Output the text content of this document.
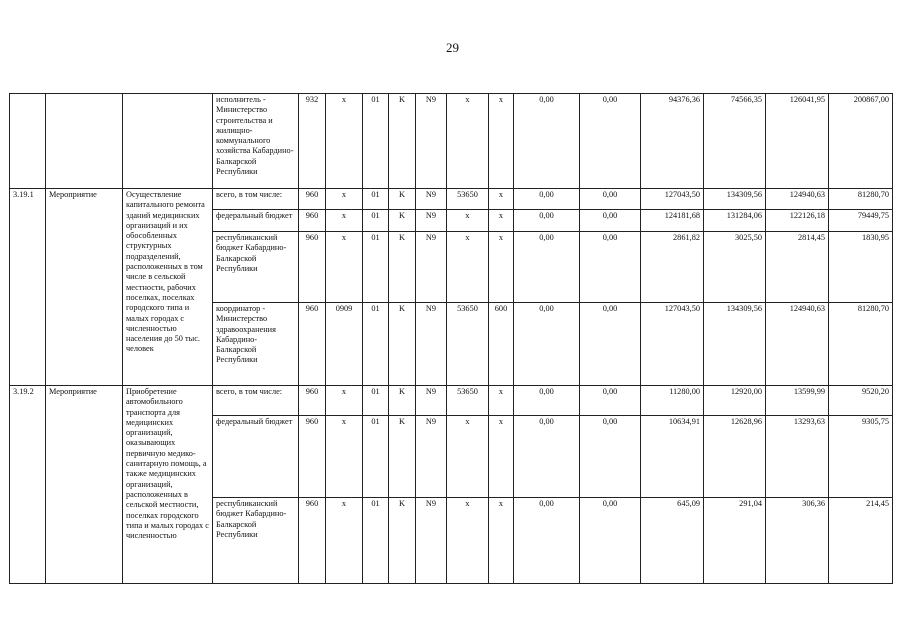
29
			исполнитель - Министерство строительства и жилищно-коммунального хозяйства Кабардино-Балкарской Республики	932	x	01	K	N9	x	x	0,00	0,00	94376,36	74566,35	126041,95	200867,00
3.19.1	Мероприятие	Осуществление капитального ремонта зданий медицинских организаций и их обособленных структурных подразделений, расположенных в том числе в сельской местности, рабочих поселках, поселках городского типа и малых городах с численностью населения до 50 тыс. человек	всего, в том числе:	960	x	01	K	N9	53650	x	0,00	0,00	127043,50	134309,56	124940,63	81280,70
			федеральный бюджет	960	x	01	K	N9	x	x	0,00	0,00	124181,68	131284,06	122126,18	79449,75
			республиканский бюджет Кабардино-Балкарской Республики	960	x	01	K	N9	x	x	0,00	0,00	2861,82	3025,50	2814,45	1830,95
			координатор - Министерство здравоохранения Кабардино-Балкарской Республики	960	0909	01	K	N9	53650	600	0,00	0,00	127043,50	134309,56	124940,63	81280,70
3.19.2	Мероприятие	Приобретение автомобильного транспорта для медицинских организаций, оказывающих первичную медико-санитарную помощь, а также медицинских организаций, расположенных в сельской местности, поселках городского типа и малых городах с численностью	всего, в том числе:	960	x	01	K	N9	53650	x	0,00	0,00	11280,00	12920,00	13599,99	9520,20
			федеральный бюджет	960	x	01	K	N9	x	x	0,00	0,00	10634,91	12628,96	13293,63	9305,75
			республиканский бюджет Кабардино-Балкарской Республики	960	x	01	K	N9	x	x	0,00	0,00	645,09	291,04	306,36	214,45
